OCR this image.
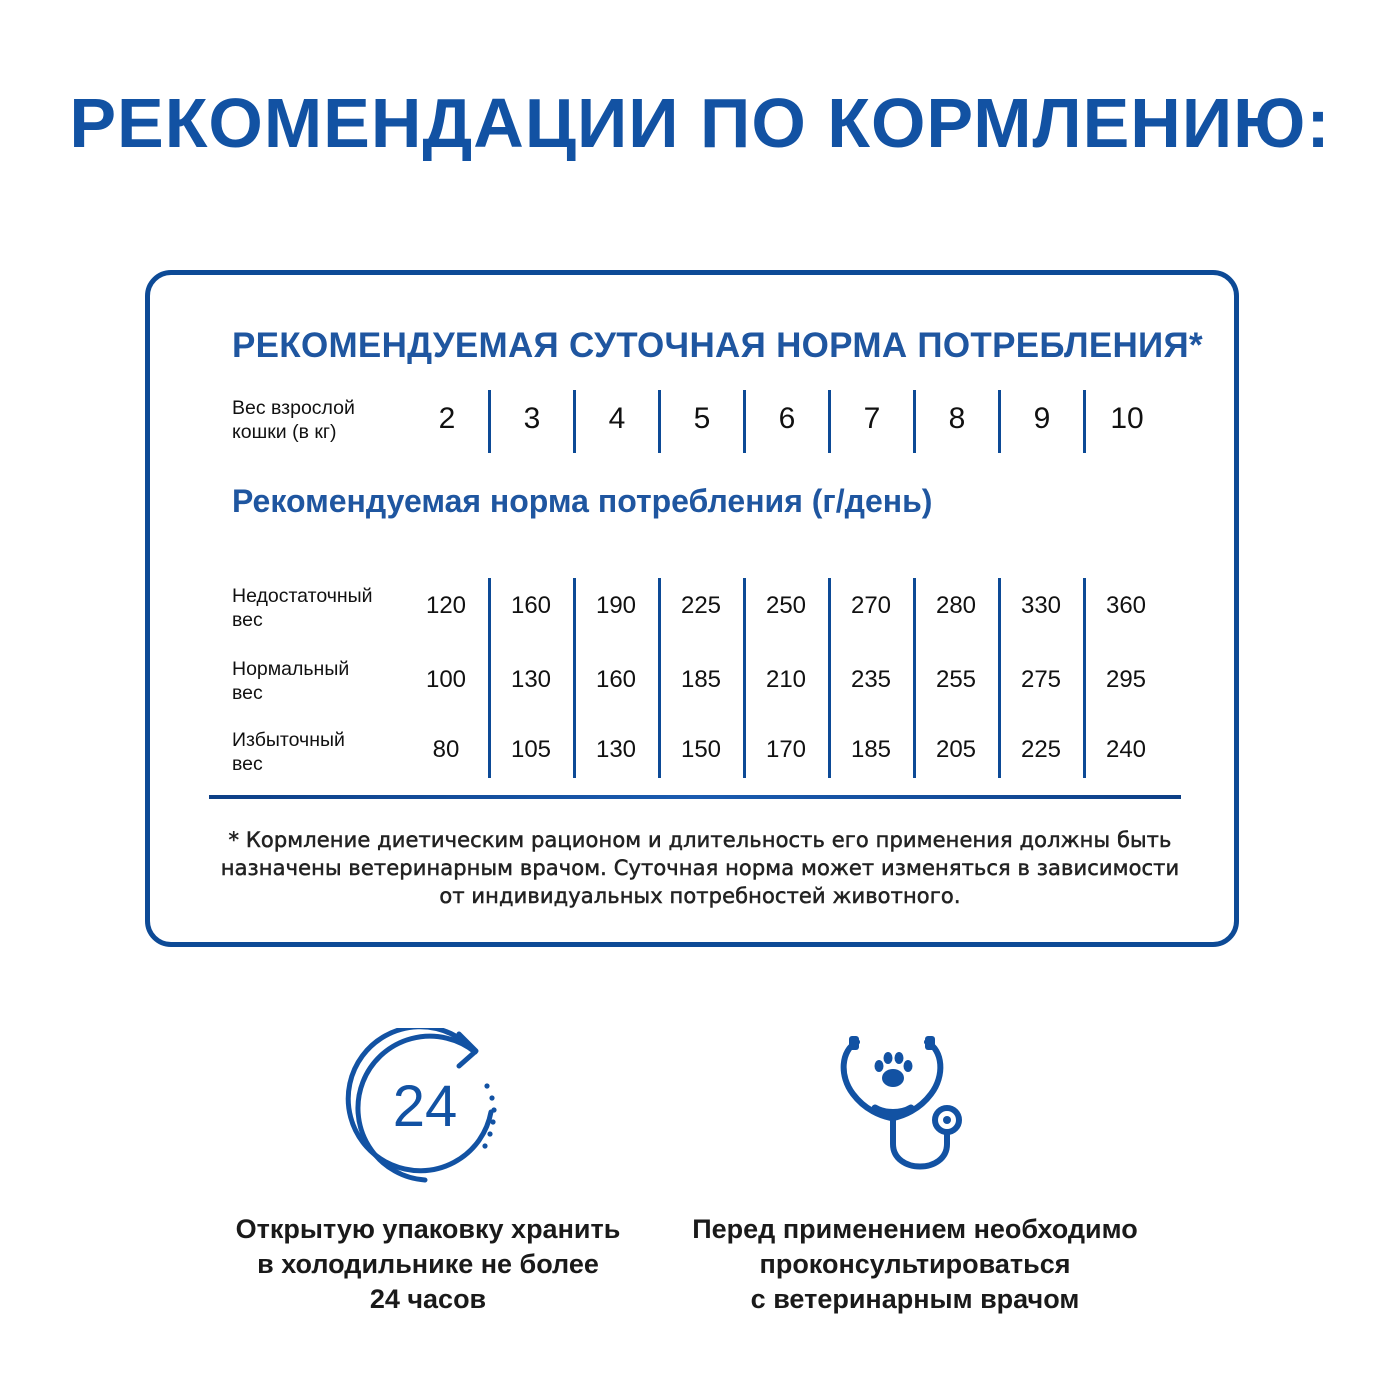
РЕКОМЕНДАЦИИ ПО КОРМЛЕНИЮ:
РЕКОМЕНДУЕМАЯ СУТОЧНАЯ НОРМА ПОТРЕБЛЕНИЯ*
Вес взрослой
кошки (в кг)	2	3	4	5	6	7	8	9	10
Рекомендуемая норма потребления (г/день)
Недостаточный
вес
120	160	190	225	250	270	280	330	360
Нормальный
вес	100	130	160	185	210	235	255	275	295
Избыточный
вес
80	105	130	150	170	185	205	225	240
* Кормление диетическим рационом и длительность его применения должны быть
назначены ветеринарным врачом. Суточная норма может изменяться в зависимости
от индивидуальных потребностей животного.
24
Открытую упаковку хранить
в холодильнике не более
24 часов
Перед применением необходимо
проконсультироваться
с ветеринарным врачом
